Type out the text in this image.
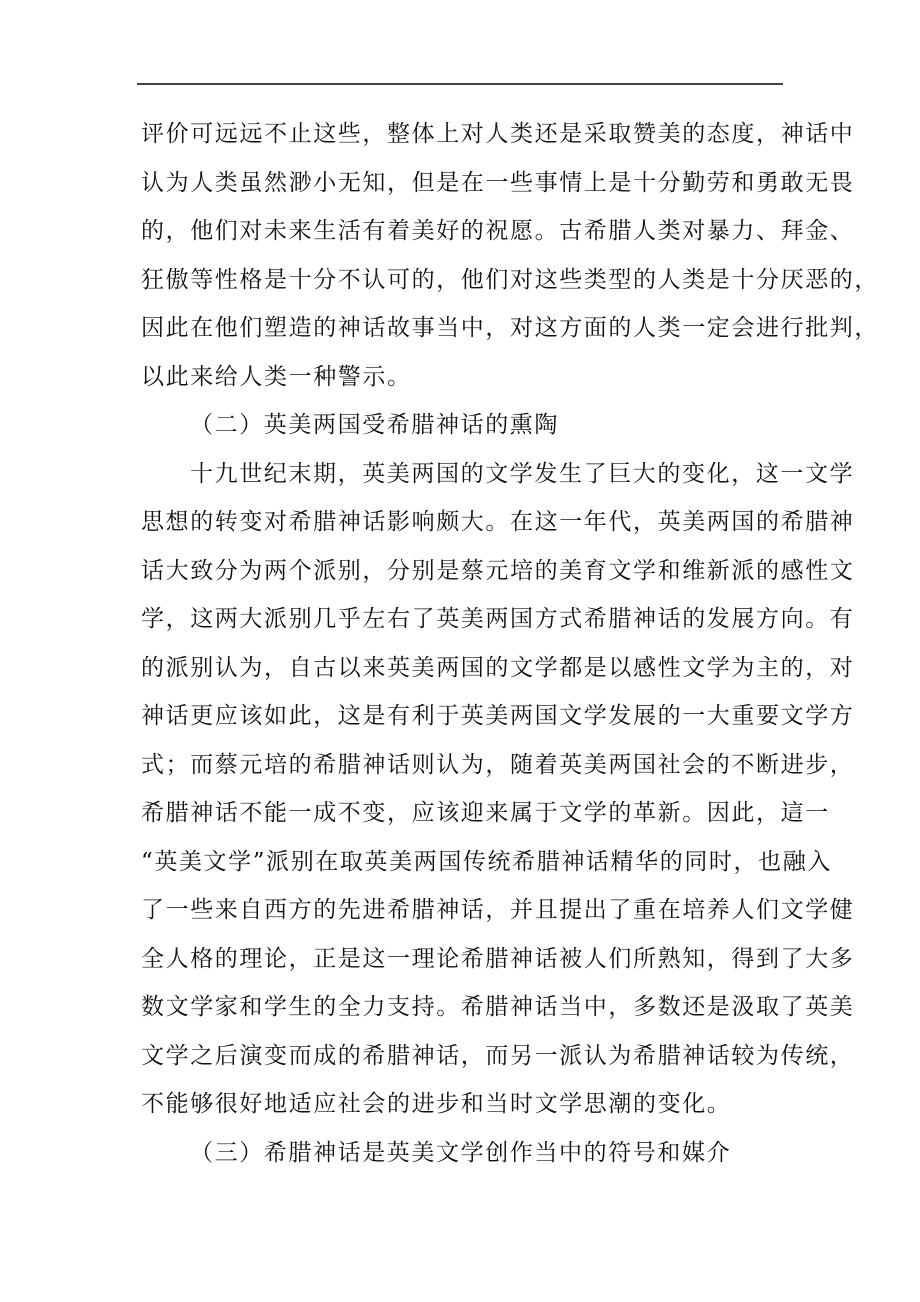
评价可远远不止这些，整体上对人类还是采取赞美的态度，神话中
认为人类虽然渺小无知，但是在一些事情上是十分勤劳和勇敢无畏
的，他们对未来生活有着美好的祝愿。古希腊人类对暴力、拜金、
狂傲等性格是十分不认可的，他们对这些类型的人类是十分厌恶的，
因此在他们塑造的神话故事当中，对这方面的人类一定会进行批判，
以此来给人类一种警示。
（二）英美两国受希腊神话的熏陶
十九世纪末期，英美两国的文学发生了巨大的变化，这一文学
思想的转变对希腊神话影响颇大。在这一年代，英美两国的希腊神
话大致分为两个派别，分别是蔡元培的美育文学和维新派的感性文
学，这两大派别几乎左右了英美两国方式希腊神话的发展方向。有
的派别认为，自古以来英美两国的文学都是以感性文学为主的，对
神话更应该如此，这是有利于英美两国文学发展的一大重要文学方
式；而蔡元培的希腊神话则认为，随着英美两国社会的不断进步，
希腊神话不能一成不变，应该迎来属于文学的革新。因此，這一
“英美文学”派别在取英美两国传统希腊神话精华的同时，也融入
了一些来自西方的先进希腊神话，并且提出了重在培养人们文学健
全人格的理论，正是这一理论希腊神话被人们所熟知，得到了大多
数文学家和学生的全力支持。希腊神话当中，多数还是汲取了英美
文学之后演变而成的希腊神话，而另一派认为希腊神话较为传统，
不能够很好地适应社会的进步和当时文学思潮的变化。
（三）希腊神话是英美文学创作当中的符号和媒介
